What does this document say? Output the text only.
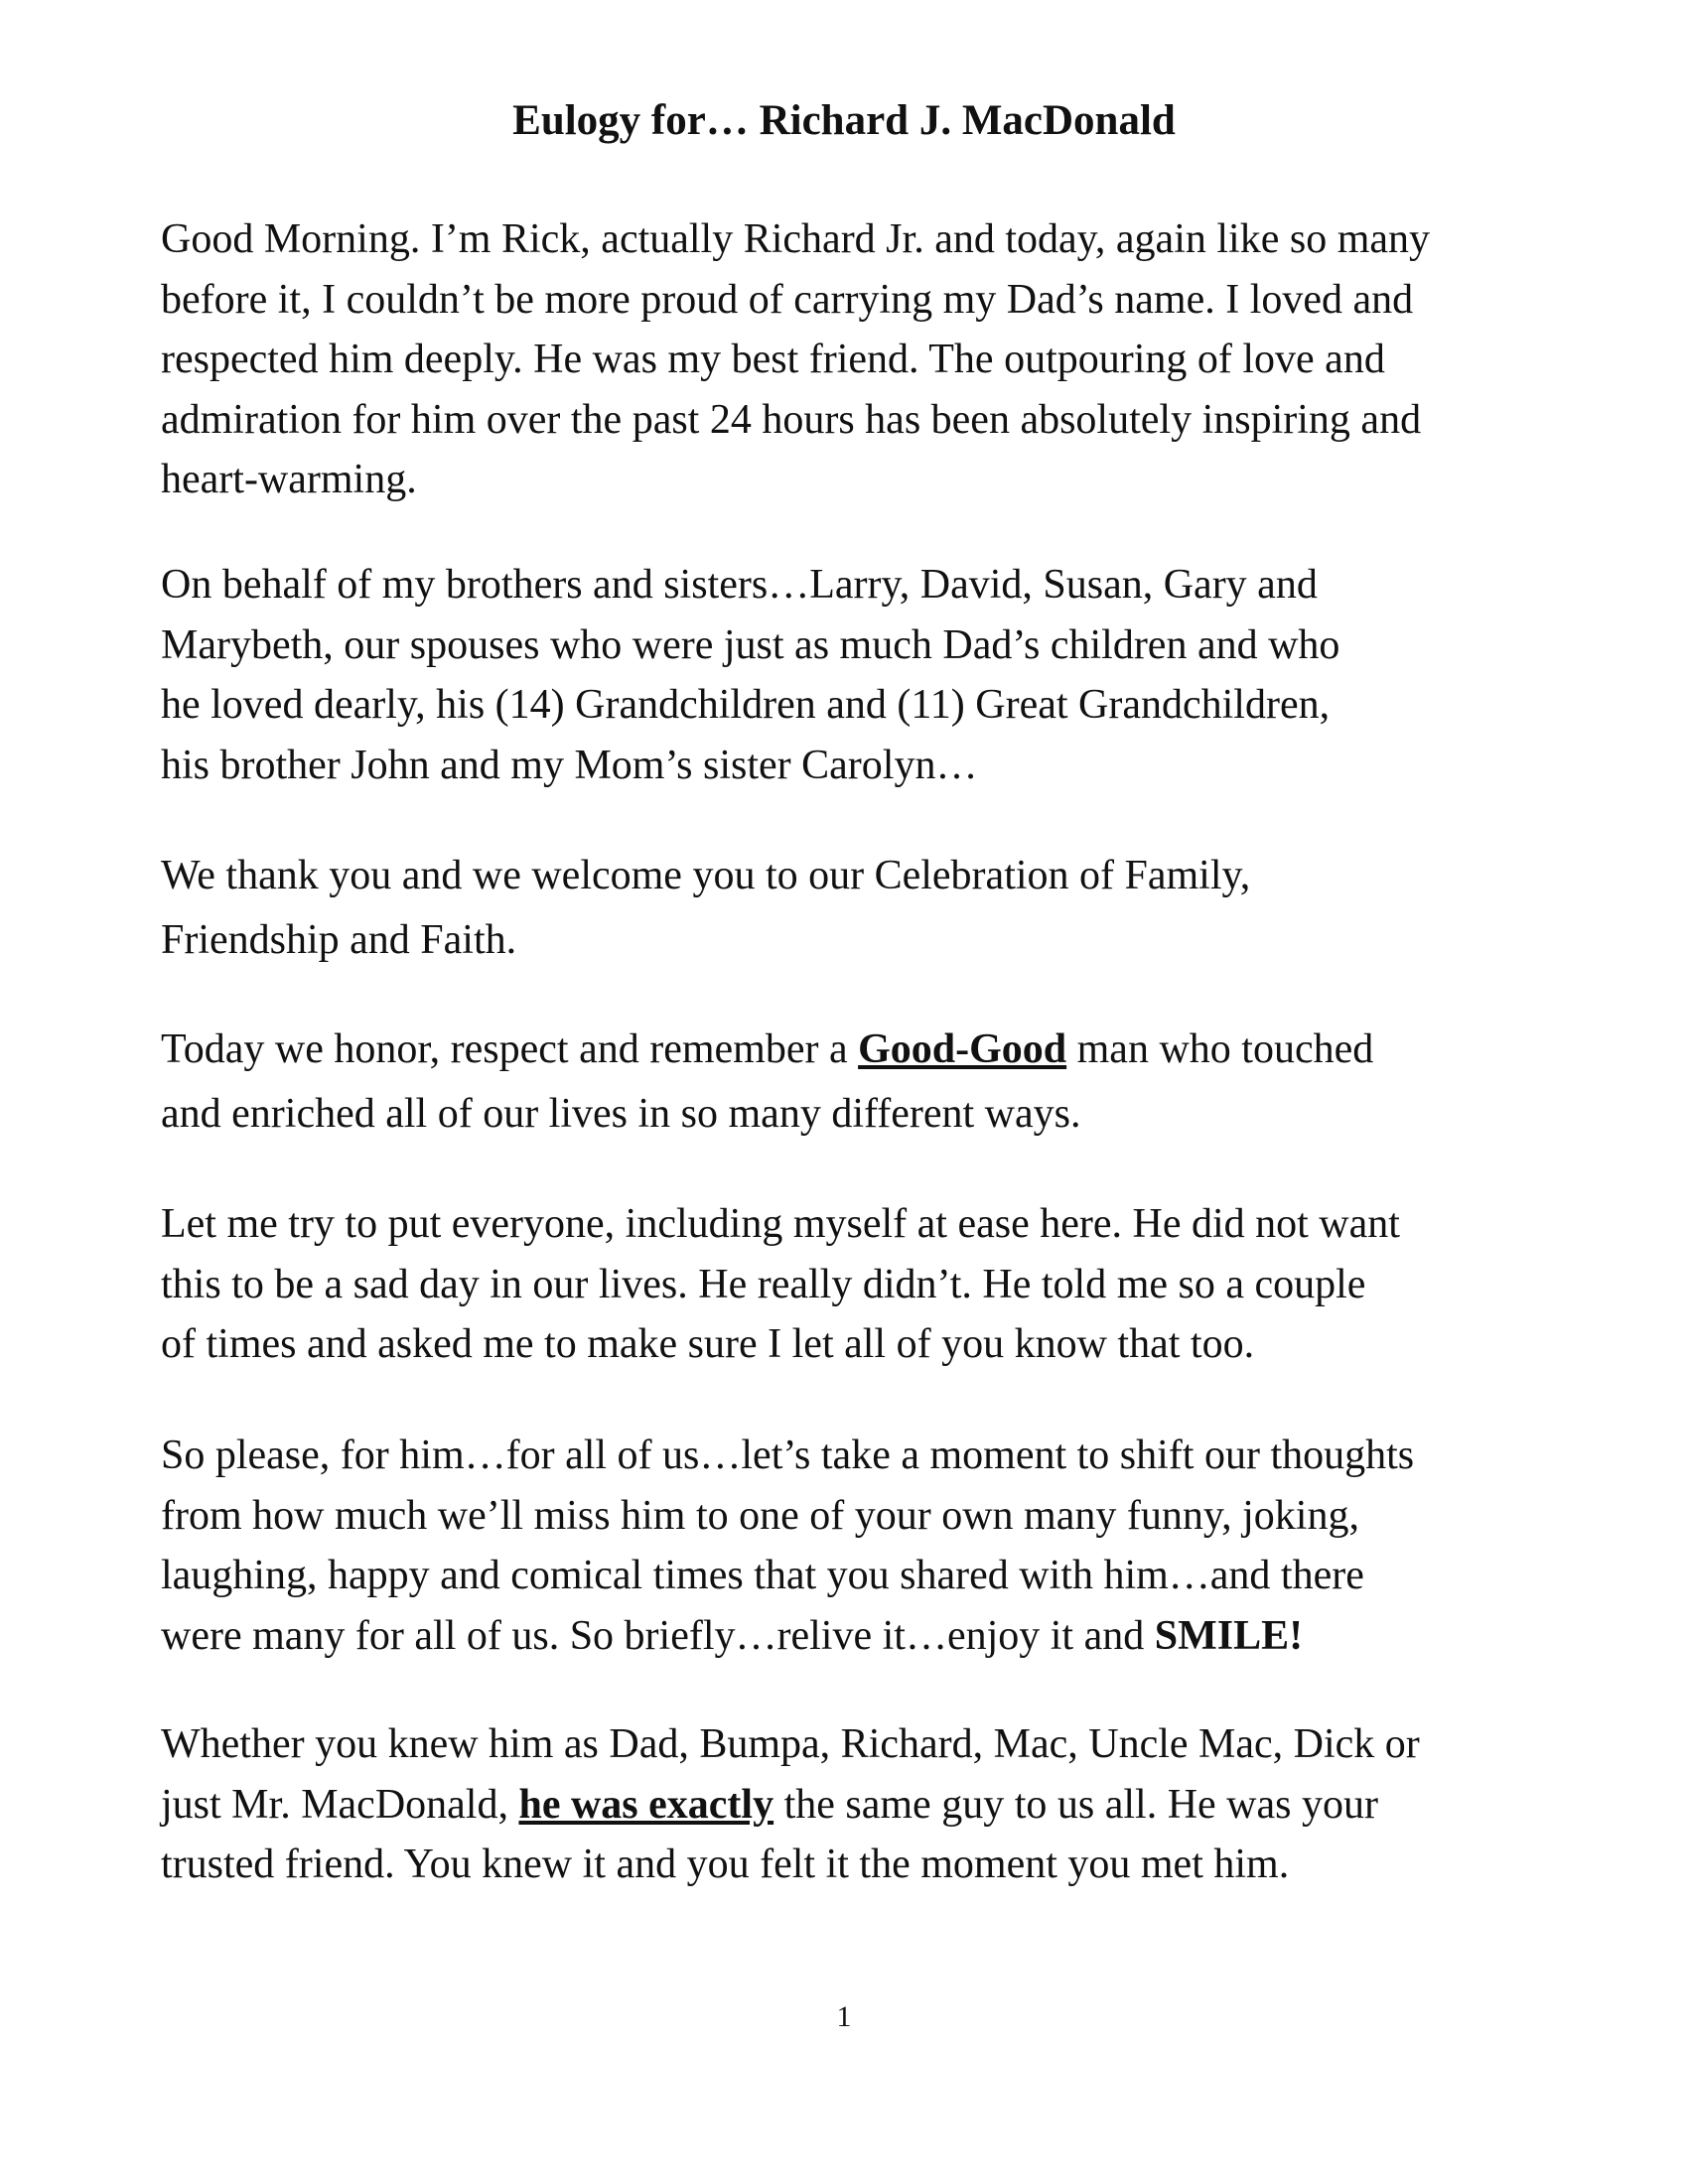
Eulogy for… Richard J. MacDonald

Good Morning. I’m Rick, actually Richard Jr. and today, again like so many
before it, I couldn’t be more proud of carrying my Dad’s name. I loved and
respected him deeply. He was my best friend. The outpouring of love and
admiration for him over the past 24 hours has been absolutely inspiring and
heart-warming.

On behalf of my brothers and sisters…Larry, David, Susan, Gary and
Marybeth, our spouses who were just as much Dad’s children and who
he loved dearly, his (14) Grandchildren and (11) Great Grandchildren,
his brother John and my Mom’s sister Carolyn…

We thank you and we welcome you to our Celebration of Family,
Friendship and Faith.

Today we honor, respect and remember a Good-Good man who touched
and enriched all of our lives in so many different ways.

Let me try to put everyone, including myself at ease here. He did not want
this to be a sad day in our lives. He really didn’t. He told me so a couple
of times and asked me to make sure I let all of you know that too.

So please, for him…for all of us…let’s take a moment to shift our thoughts
from how much we’ll miss him to one of your own many funny, joking,
laughing, happy and comical times that you shared with him…and there
were many for all of us. So briefly…relive it…enjoy it and SMILE!

Whether you knew him as Dad, Bumpa, Richard, Mac, Uncle Mac, Dick or
just Mr. MacDonald, he was exactly the same guy to us all. He was your
trusted friend. You knew it and you felt it the moment you met him.

1
